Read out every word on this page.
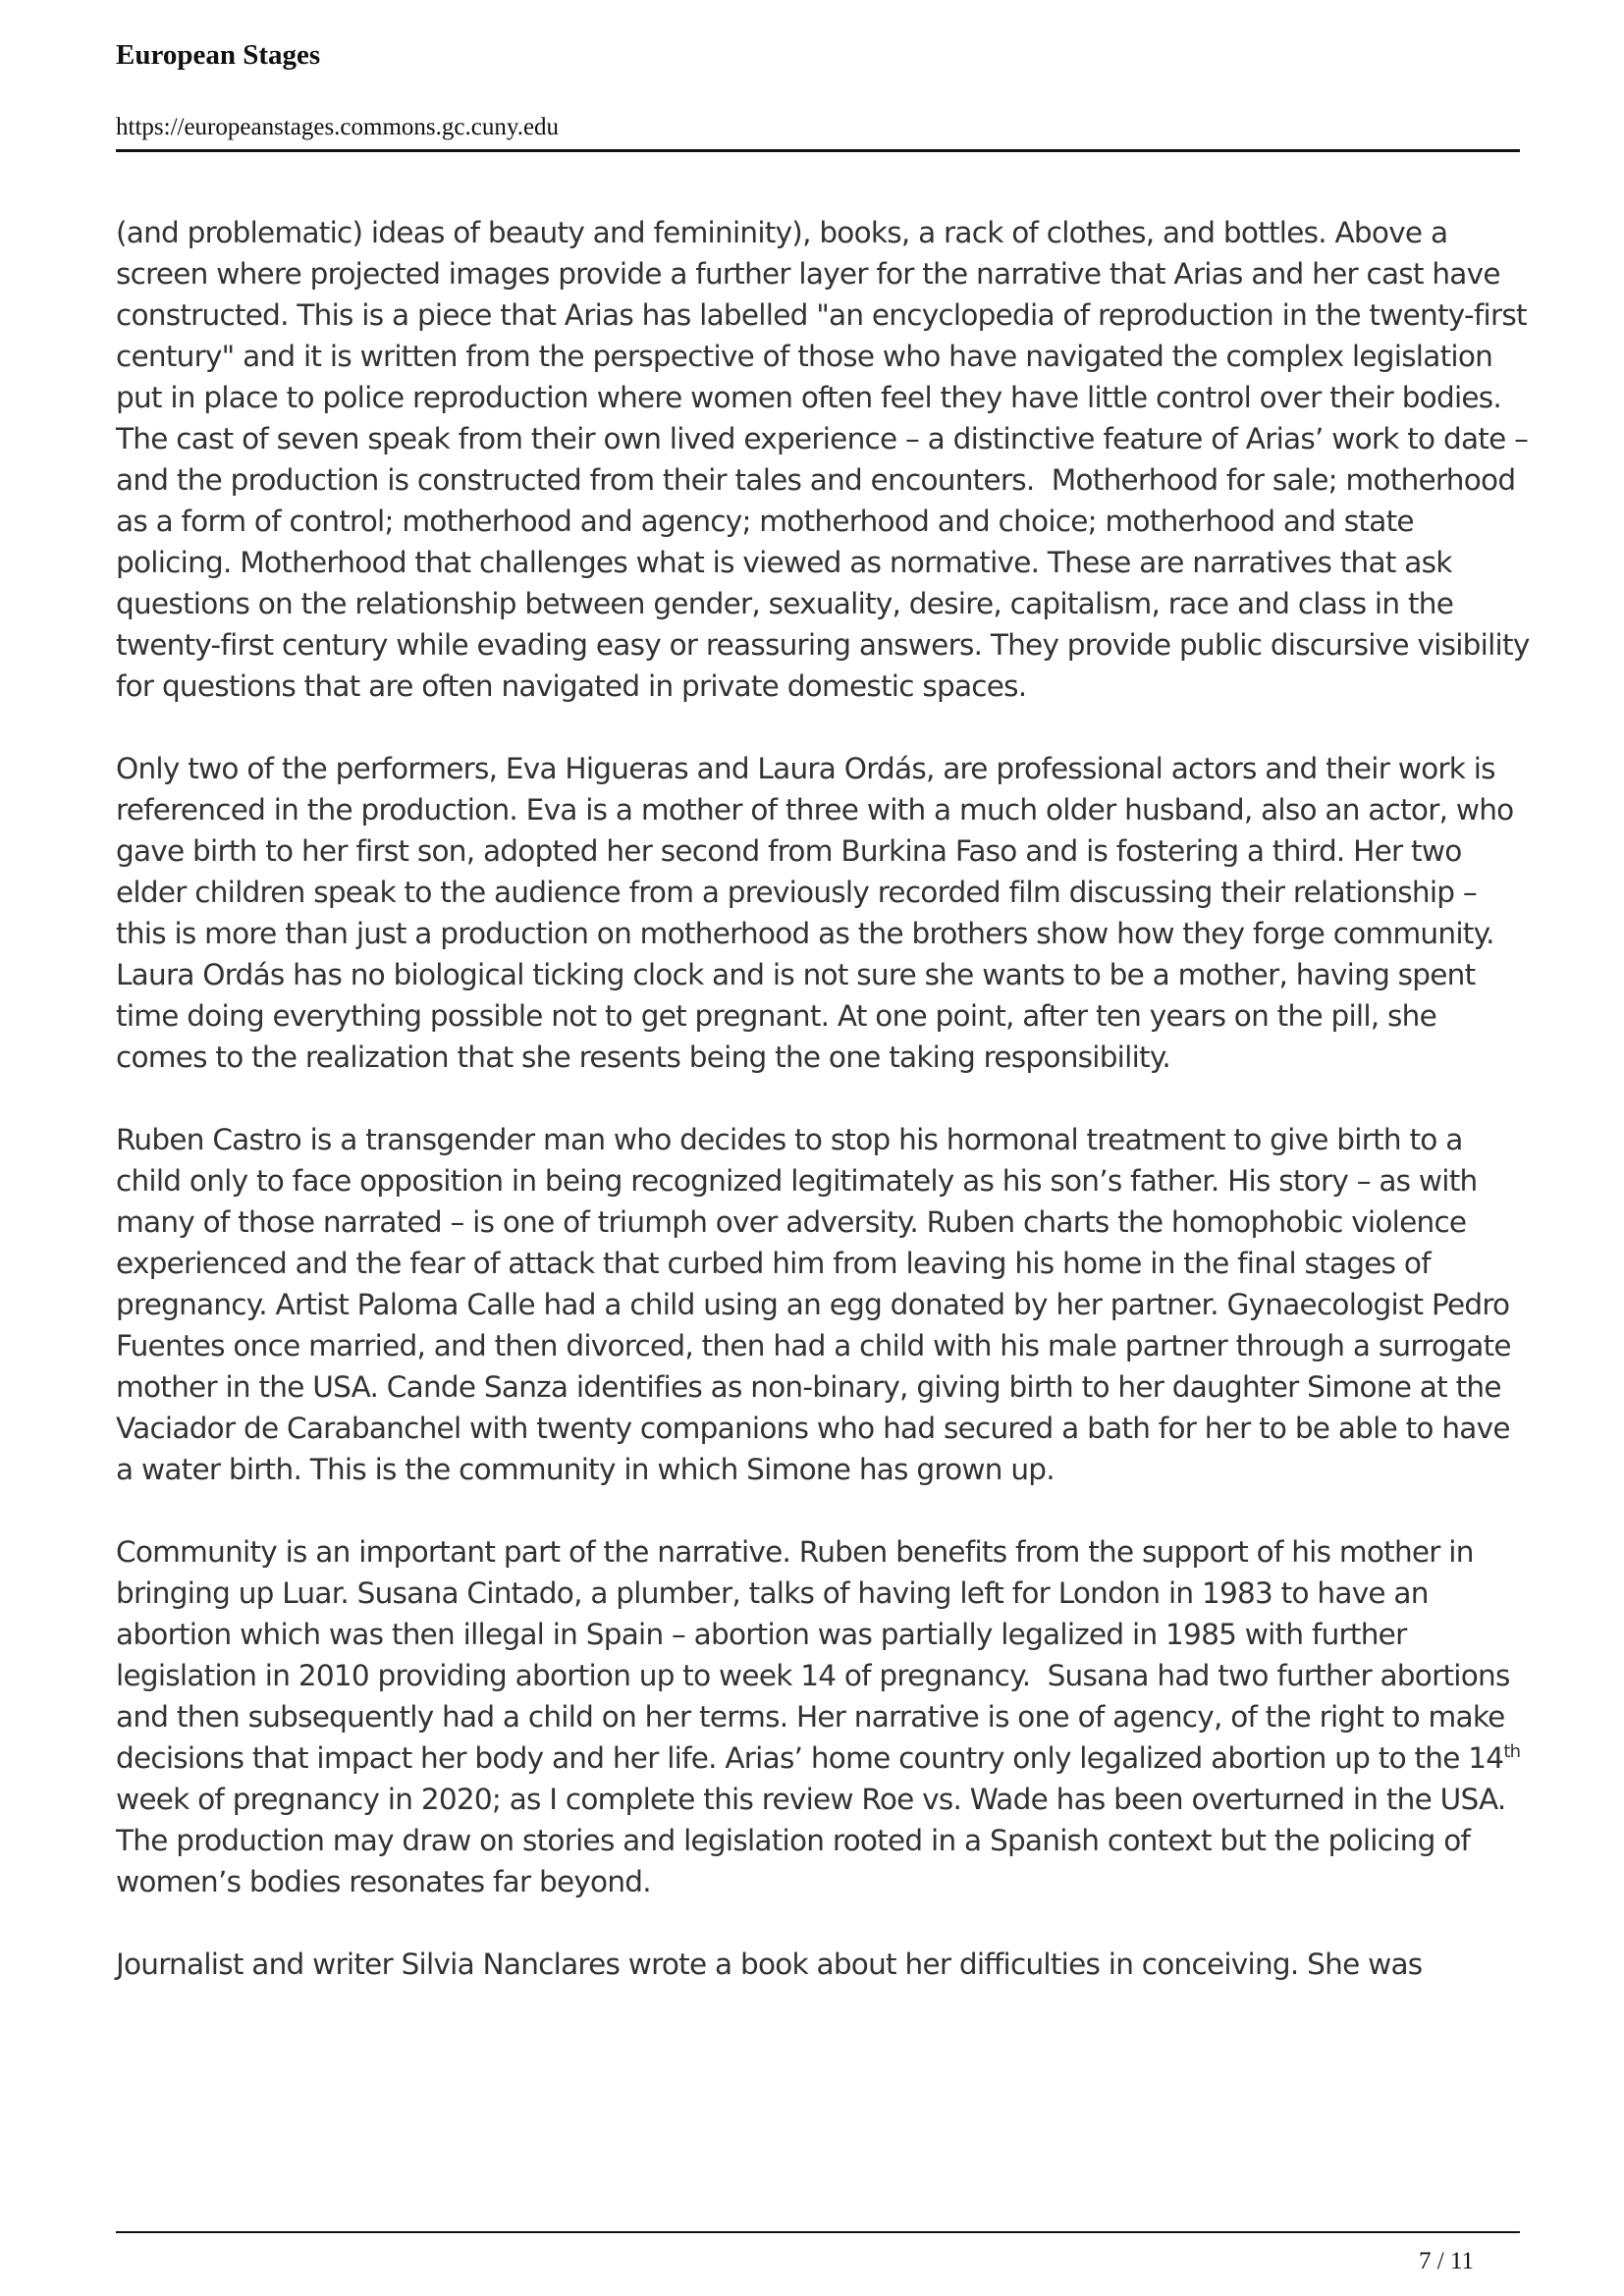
European Stages
https://europeanstages.commons.gc.cuny.edu

(and problematic) ideas of beauty and femininity), books, a rack of clothes, and bottles. Above a screen where projected images provide a further layer for the narrative that Arias and her cast have constructed. This is a piece that Arias has labelled "an encyclopedia of reproduction in the twenty-first century" and it is written from the perspective of those who have navigated the complex legislation put in place to police reproduction where women often feel they have little control over their bodies. The cast of seven speak from their own lived experience – a distinctive feature of Arias’ work to date – and the production is constructed from their tales and encounters.  Motherhood for sale; motherhood as a form of control; motherhood and agency; motherhood and choice; motherhood and state policing. Motherhood that challenges what is viewed as normative. These are narratives that ask questions on the relationship between gender, sexuality, desire, capitalism, race and class in the twenty-first century while evading easy or reassuring answers. They provide public discursive visibility for questions that are often navigated in private domestic spaces.

Only two of the performers, Eva Higueras and Laura Ordás, are professional actors and their work is referenced in the production. Eva is a mother of three with a much older husband, also an actor, who gave birth to her first son, adopted her second from Burkina Faso and is fostering a third. Her two elder children speak to the audience from a previously recorded film discussing their relationship – this is more than just a production on motherhood as the brothers show how they forge community. Laura Ordás has no biological ticking clock and is not sure she wants to be a mother, having spent time doing everything possible not to get pregnant. At one point, after ten years on the pill, she comes to the realization that she resents being the one taking responsibility.

Ruben Castro is a transgender man who decides to stop his hormonal treatment to give birth to a child only to face opposition in being recognized legitimately as his son’s father. His story – as with many of those narrated – is one of triumph over adversity. Ruben charts the homophobic violence experienced and the fear of attack that curbed him from leaving his home in the final stages of pregnancy. Artist Paloma Calle had a child using an egg donated by her partner. Gynaecologist Pedro Fuentes once married, and then divorced, then had a child with his male partner through a surrogate mother in the USA. Cande Sanza identifies as non-binary, giving birth to her daughter Simone at the Vaciador de Carabanchel with twenty companions who had secured a bath for her to be able to have a water birth. This is the community in which Simone has grown up.

Community is an important part of the narrative. Ruben benefits from the support of his mother in bringing up Luar. Susana Cintado, a plumber, talks of having left for London in 1983 to have an abortion which was then illegal in Spain – abortion was partially legalized in 1985 with further legislation in 2010 providing abortion up to week 14 of pregnancy.  Susana had two further abortions and then subsequently had a child on her terms. Her narrative is one of agency, of the right to make decisions that impact her body and her life. Arias’ home country only legalized abortion up to the 14th week of pregnancy in 2020; as I complete this review Roe vs. Wade has been overturned in the USA. The production may draw on stories and legislation rooted in a Spanish context but the policing of women’s bodies resonates far beyond.

Journalist and writer Silvia Nanclares wrote a book about her difficulties in conceiving. She was

7 / 11
